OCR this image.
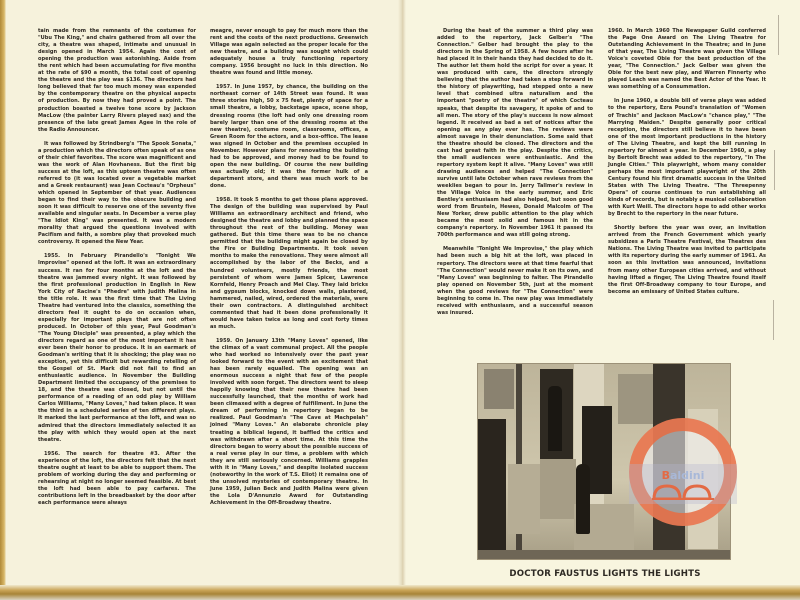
tain made from the remnants of the costumes for "Ubu The King," and chairs gathered from all over the city, a theatre was shaped, intimate and unusual in design opened in March 1954. Again the cost of opening the production was astonishing. Aside from the rent which had been accumulating for five months at the rate of $90 a month, the total cost of opening the theatre and the play was $136. The directors had long believed that far too much money was expended by the contemporary theatre on the physical aspects of production. By now they had proved a point. The production boasted a twelve tone score by Jackson MacLow (the painter Larry Rivers played sax) and the presence of the late great James Agee in the role of the Radio Announcer.

It was followed by Strindberg's "The Spook Sonata," a production which the directors often speak of as one of their chief favorites. The score was magnificent and was the work of Alan Hovhaness. But the first big success at the loft, as this uptown theatre was often referred to (it was located over a vegetable market and a Greek restaurant) was Jean Cocteau's "Orpheus" which opened in September of that year. Audiences began to find their way to the obscure building and soon it was difficult to reserve one of the seventy five available and singular seats. In December a verse play "The Idiot King" was presented. It was a modern morality that argued the questions involved with Pacifism and faith, a sombre play that provoked much controversy. It opened the New Year.

1955. In February Pirandello's "Tonight We Improvise" opened at the loft. It was an extraordinary success. It ran for four months at the loft and the theatre was jammed every night. It was followed by the first professional production in English in New York City of Racine's "Phedre" with Judith Malina in the title role. It was the first time that The Living Theatre had ventured into the classics, something the directors feel it ought to do on occasion when, especially for important plays that are not often produced. In October of this year, Paul Goodman's "The Young Disciple" was presented, a play which the directors regard as one of the most important it has ever been their honor to produce. It is an earmark of Goodman's writing that it is shocking; the play was no exception, yet this difficult but rewarding retelling of the Gospel of St. Mark did not fail to find an enthusiastic audience. In November the Building Department limited the occupancy of the premises to 18, and the theatre was closed, but not until the performance of a reading of an odd play by William Carlos Williams, "Many Loves," had taken place. It was the third in a scheduled series of ten different plays. It marked the last performance at the loft, and was so admired that the directors immediately selected it as the play with which they would open at the next theatre.

1956. The search for theatre #3. After the experience of the loft, the directors felt that the next theatre ought at least to be able to support them. The problem of working during the day and performing or rehearsing at night no longer seemed feasible. At best the loft had been able to pay carfares. The contributions left in the breadbasket by the door after each performance were always

meagre, never enough to pay for much more than the rent and the costs of the next productions. Greenwich Village was again selected as the proper locale for the new theatre, and a building was sought which could adequately house a truly functioning repertory company. 1956 brought no luck in this direction. No theatre was found and little money.

1957. In June 1957, by chance, the building on the northeast corner of 14th Street was found. It was three stories high, 50 x 75 feet, plenty of space for a small theatre, a lobby, backstage space, scene shop, dressing rooms (the loft had only one dressing room barely larger than one of the dressing rooms at the new theatre), costume room, classrooms, offices, a Green Room for the actors, and a box-office. The lease was signed in October and the premises occupied in November. However plans for renovating the building had to be approved, and money had to be found to open the new building. Of course the new building was actually old; it was the former hulk of a department store, and there was much work to be done.

1958. It took 5 months to get those plans approved. The design of the building was supervised by Paul Williams an extraordinary architect and friend, who designed the theatre and lobby and planned the space throughout the rest of the building. Money was gathered. But this time there was to be no chance permitted that the building might again be closed by the Fire or Building Departments. It took seven months to make the renovations. They were almost all accomplished by the labor of the Becks, and a hundred volunteers, mostly friends, the most persistent of whom were James Spicer, Lawrence Kornfeld, Henry Proach and Mel Clay. They laid bricks and gypsum blocks, knocked down walls, plastered, hammered, nailed, wired, ordered the materials, were their own contractors. A distinguished architect commented that had it been done professionally it would have taken twice as long and cost forty times as much.

1959. On January 13th "Many Loves" opened, like the climax of a vast communal project. All the people who had worked so intensively over the past year looked forward to the event with an excitement that has been rarely equalled. The opening was an enormous success a night that few of the people involved with soon forget. The directors went to sleep happily knowing that their new theatre had been successfully launched, that the months of work had been climaxed with a degree of fulfillment. In June the dream of performing in repertory began to be realized. Paul Goodman's "The Cave at Machpelah" joined "Many Loves." An elaborate chronicle play treating a biblical legend, it baffled the critics and was withdrawn after a short time. At this time the directors began to worry about the possible success of a real verse play in our time, a problem with which they are still seriously concerned. Williams grapples with it in "Many Loves," and despite isolated success (noteworthy in the work of T.S. Eliot) it remains one of the unsolved mysteries of contemporary theatre. In June 1959, Julian Beck and Judith Malina were given the Lola D'Annunzio Award for Outstanding Achievement in the Off-Broadway theatre.

During the heat of the summer a third play was added to the repertory, Jack Gelber's "The Connection." Gelber had brought the play to the directors in the Spring of 1958. A few hours after he had placed it in their hands they had decided to do it. The author let them hold the script for over a year. It was produced with care, the directors strongly believing that the author had taken a step forward in the history of playwriting, had stepped onto a new level that combined ultra naturalism and the important "poetry of the theatre" of which Cocteau speaks, that despite its savagery, it spoke of and to all men. The story of the play's success is now almost legend. It received as bad a set of notices after the opening as any play ever has. The reviews were almost savage in their denunciation. Some said that the theatre should be closed. The directors and the cast had great faith in the play. Despite the critics, the small audiences were enthusiastic. And the repertory system kept it alive. "Many Loves" was still drawing audiences and helped "The Connection" survive until late October when rave reviews from the weeklies began to pour in. Jerry Tallmer's review in the Village Voice in the early summer, and Eric Bentley's enthusiasm had also helped, but soon good word from Brustein, Hewes, Donald Malcolm of The New Yorker, drew public attention to the play which became the most solid and famous hit in the company's repertory. In November 1961 it passed its 700th performance and was still going strong.

Meanwhile "Tonight We Improvise," the play which had been such a big hit at the loft, was placed in repertory. The directors were at that time fearful that "The Connection" would never make it on its own, and "Many Loves" was beginning to falter. The Pirandello play opened on November 5th, just at the moment when the good reviews for "The Connection" were beginning to come in. The new play was immediately received with enthusiasm, and a successful season was insured.

1960. In March 1960 The Newspaper Guild conferred the Page One Award on The Living Theatre for Outstanding Achievement in the Theatre; and in June of that year, The Living Theatre was given the Village Voice's coveted Obie for the best production of the year, "The Connection." Jack Gelber was given the Obie for the best new play, and Warren Finnerty who played Leach was named the Best Actor of the Year. It was something of a Consummation.

In June 1960, a double bill of verse plays was added to the repertory, Ezra Pound's translation of "Women of Trachis" and Jackson MacLow's "chance play," "The Marrying Maiden." Despite generally poor critical reception, the directors still believe it to have been one of the most important productions in the history of The Living Theatre, and kept the bill running in repertory for almost a year. In December 1960, a play by Bertolt Brecht was added to the repertory, "In The Jungle Cities." This playwright, whom many consider perhaps the most important playwright of the 20th Century found his first dramatic success in the United States with The Living Theatre. "The Threepenny Opera" of course continues to run establishing all kinds of records, but is notably a musical collaboration with Kurt Weill. The directors hope to add other works by Brecht to the repertory in the near future.

Shortly before the year was over, an invitation arrived from the French Government which yearly subsidizes a Paris Theatre Festival, the Theatres des Nations. The Living Theatre was invited to participate with its repertory during the early summer of 1961. As soon as this invitation was announced, invitations from many other European cities arrived, and without having lifted a finger, The Living Theatre found itself the first Off-Broadway company to tour Europe, and become an emissary of United States culture.

Baldini
DOCTOR FAUSTUS LIGHTS THE LIGHTS
